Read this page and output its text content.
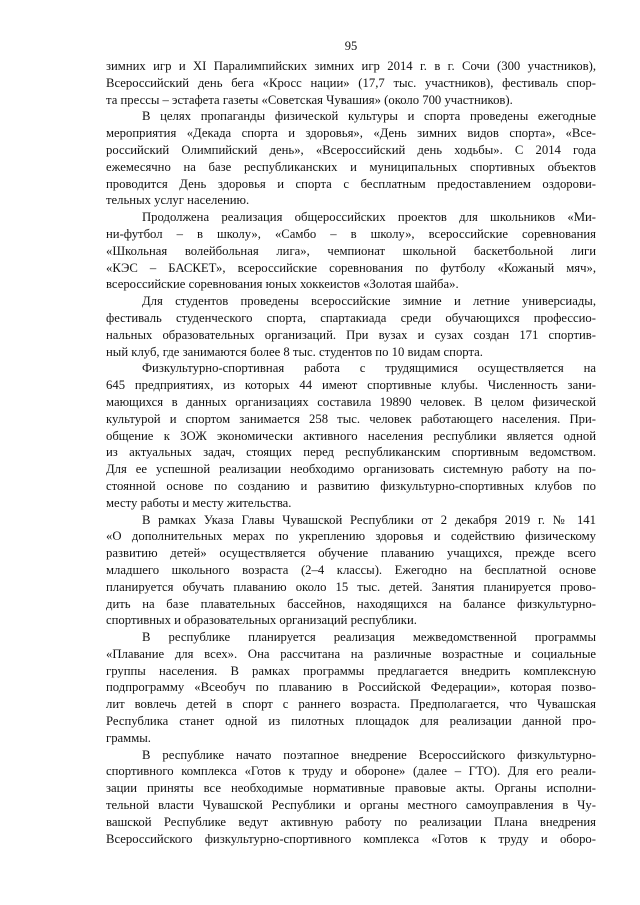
95

зимних игр и XI Паралимпийских зимних игр 2014 г. в г. Сочи (300 участников),
Всероссийский день бега «Кросс нации» (17,7 тыс. участников), фестиваль спор-
та прессы – эстафета газеты «Советская Чувашия» (около 700 участников).

В целях пропаганды физической культуры и спорта проведены ежегодные
мероприятия «Декада спорта и здоровья», «День зимних видов спорта», «Все-
российский Олимпийский день», «Всероссийский день ходьбы». С 2014 года
ежемесячно на базе республиканских и муниципальных спортивных объектов
проводится День здоровья и спорта с бесплатным предоставлением оздорови-
тельных услуг населению.

Продолжена реализация общероссийских проектов для школьников «Ми-
ни-футбол – в школу», «Самбо – в школу», всероссийские соревнования
«Школьная волейбольная лига», чемпионат школьной баскетбольной лиги
«КЭС – БАСКЕТ», всероссийские соревнования по футболу «Кожаный мяч»,
всероссийские соревнования юных хоккеистов «Золотая шайба».

Для студентов проведены всероссийские зимние и летние универсиады,
фестиваль студенческого спорта, спартакиада среди обучающихся профессио-
нальных образовательных организаций. При вузах и сузах создан 171 спортив-
ный клуб, где занимаются более 8 тыс. студентов по 10 видам спорта.

Физкультурно-спортивная работа с трудящимися осуществляется на
645 предприятиях, из которых 44 имеют спортивные клубы. Численность зани-
мающихся в данных организациях составила 19890 человек. В целом физической
культурой и спортом занимается 258 тыс. человек работающего населения. При-
общение к ЗОЖ экономически активного населения республики является одной
из актуальных задач, стоящих перед республиканским спортивным ведомством.
Для ее успешной реализации необходимо организовать системную работу на по-
стоянной основе по созданию и развитию физкультурно-спортивных клубов по
месту работы и месту жительства.

В рамках Указа Главы Чувашской Республики от 2 декабря 2019 г. № 141
«О дополнительных мерах по укреплению здоровья и содействию физическому
развитию детей» осуществляется обучение плаванию учащихся, прежде всего
младшего школьного возраста (2–4 классы). Ежегодно на бесплатной основе
планируется обучать плаванию около 15 тыс. детей. Занятия планируется прово-
дить на базе плавательных бассейнов, находящихся на балансе физкультурно-
спортивных и образовательных организаций республики.

В республике планируется реализация межведомственной программы
«Плавание для всех». Она рассчитана на различные возрастные и социальные
группы населения. В рамках программы предлагается внедрить комплексную
подпрограмму «Всеобуч по плаванию в Российской Федерации», которая позво-
лит вовлечь детей в спорт с раннего возраста. Предполагается, что Чувашская
Республика станет одной из пилотных площадок для реализации данной про-
граммы.

В республике начато поэтапное внедрение Всероссийского физкультурно-
спортивного комплекса «Готов к труду и обороне» (далее – ГТО). Для его реали-
зации приняты все необходимые нормативные правовые акты. Органы исполни-
тельной власти Чувашской Республики и органы местного самоуправления в Чу-
вашской Республике ведут активную работу по реализации Плана внедрения
Всероссийского физкультурно-спортивного комплекса «Готов к труду и оборо-
